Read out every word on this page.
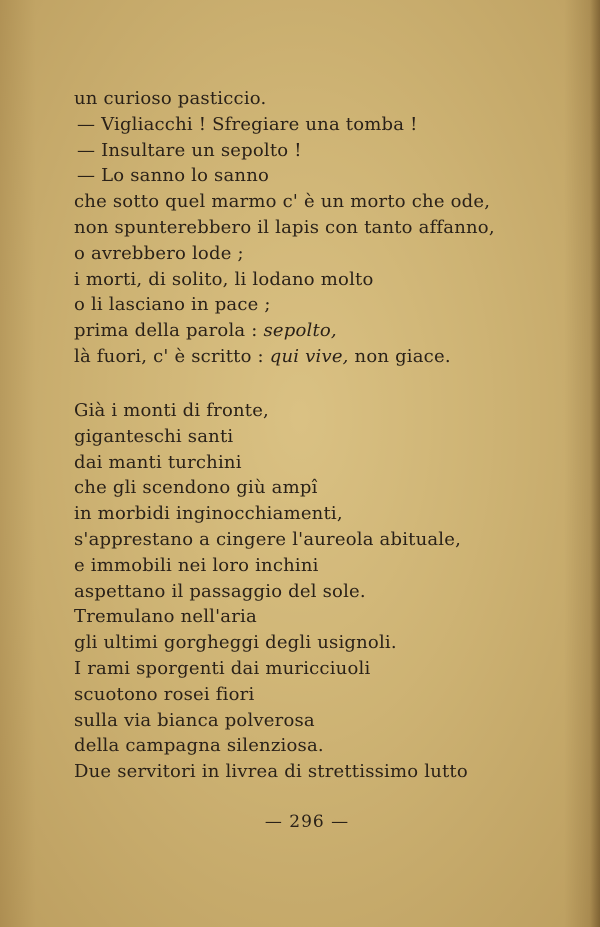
un curioso pasticcio.
— Vigliacchi ! Sfregiare una tomba !
— Insultare un sepolto !
— Lo sanno lo sanno
che sotto quel marmo c' è un morto che ode,
non spunterebbero il lapis con tanto affanno,
o avrebbero lode ;
i morti, di solito, li lodano molto
o li lasciano in pace ;
prima della parola : sepolto,
là fuori, c' è scritto : qui vive, non giace.
Già i monti di fronte,
giganteschi santi
dai manti turchini
che gli scendono giù ampî
in morbidi inginocchiamenti,
s'apprestano a cingere l'aureola abituale,
e immobili nei loro inchini
aspettano il passaggio del sole.
Tremulano nell'aria
gli ultimi gorgheggi degli usignoli.
I rami sporgenti dai muricciuoli
scuotono rosei fiori
sulla via bianca polverosa
della campagna silenziosa.
Due servitori in livrea di strettissimo lutto
— 296 —
